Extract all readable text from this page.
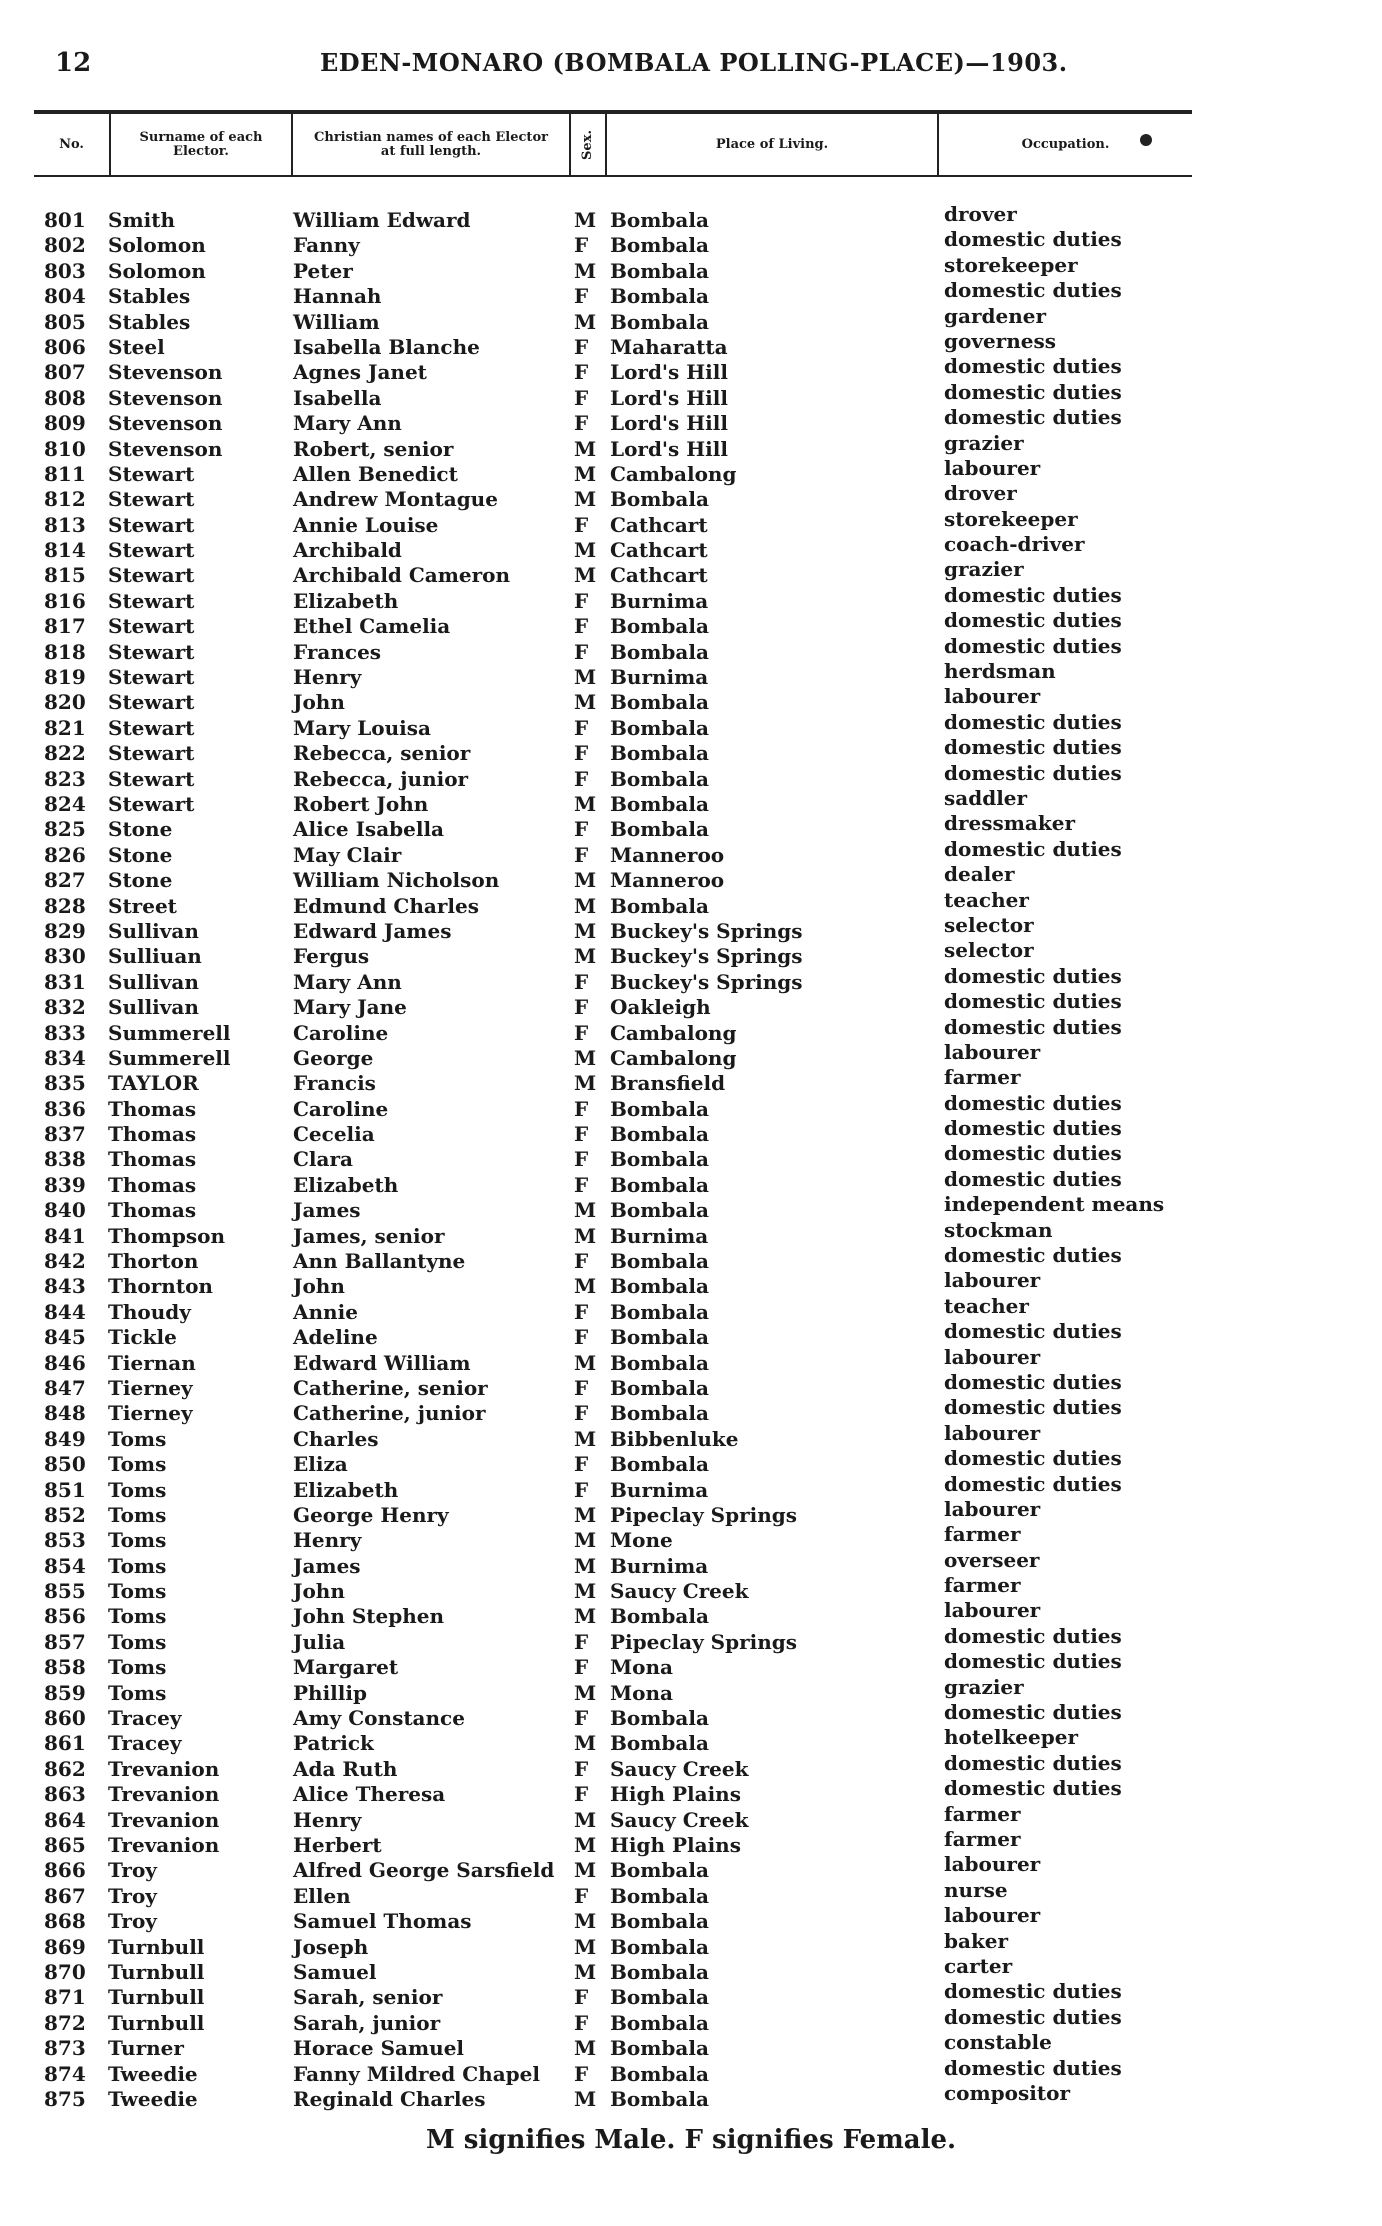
12	EDEN-MONARO (BOMBALA POLLING-PLACE)—1903.
No.	Surname of each Elector.
Christian names of each Elector at full length.	Sex.	Place of Living.	Occupation.
801	Smith	William Edward	M Bombala	drover
802	Solomon	Fanny	F Bombala	domestic duties
803	Solomon	Peter	M Bombala	storekeeper
804	Stables	Hannah	F Bombala	domestic duties
805	Stables	William	M Bombala	gardener
806	Steel	Isabella Blanche	F Maharatta	governess
807	Stevenson	Agnes Janet	F Lord's Hill	domestic duties
808	Stevenson	Isabella	F Lord's Hill	domestic duties
809	Stevenson	Mary Ann	F Lord's Hill	domestic duties
810	Stevenson	Robert, senior	M Lord's Hill	grazier
811	Stewart	Allen Benedict	M Cambalong	labourer
812	Stewart	Andrew Montague	M Bombala	drover
813	Stewart	Annie Louise	F Cathcart	storekeeper
814	Stewart	Archibald	M Cathcart	coach-driver
815	Stewart	Archibald Cameron	M Cathcart	grazier
816	Stewart	Elizabeth	F Burnima	domestic duties
817	Stewart	Ethel Camelia	F Bombala	domestic duties
818	Stewart	Frances	F Bombala	domestic duties
819	Stewart	Henry	M Burnima	herdsman
820	Stewart	John	M Bombala	labourer
821	Stewart	Mary Louisa	F Bombala	domestic duties
822	Stewart	Rebecca, senior	F Bombala	domestic duties
823	Stewart	Rebecca, junior	F Bombala	domestic duties
824	Stewart	Robert John	M Bombala	saddler
825	Stone	Alice Isabella	F Bombala	dressmaker
826	Stone	May Clair	F Manneroo	domestic duties
827	Stone	William Nicholson	M Manneroo	dealer
828	Street	Edmund Charles	M Bombala	teacher
829	Sullivan	Edward James	M Buckey's Springs	selector
830	Sulliuan	Fergus	M Buckey's Springs	selector
831	Sullivan	Mary Ann	F Buckey's Springs	domestic duties
832	Sullivan	Mary Jane	F Oakleigh	domestic duties
833	Summerell	Caroline	F Cambalong	domestic duties
834	Summerell	George	M Cambalong	labourer
835	TAYLOR	Francis	M Bransfield	farmer
836	Thomas	Caroline	F Bombala	domestic duties
837	Thomas	Cecelia	F Bombala	domestic duties
838	Thomas	Clara	F Bombala	domestic duties
839	Thomas	Elizabeth	F Bombala	domestic duties
840	Thomas	James	M Bombala	independent means
841	Thompson	James, senior	M Burnima	stockman
842	Thorton	Ann Ballantyne	F Bombala	domestic duties
843	Thornton	John	M Bombala	labourer
844	Thoudy	Annie	F Bombala	teacher
845	Tickle	Adeline	F Bombala	domestic duties
846	Tiernan	Edward William	M Bombala	labourer
847	Tierney	Catherine, senior	F Bombala	domestic duties
848	Tierney	Catherine, junior	F Bombala	domestic duties
849	Toms	Charles	M Bibbenluke	labourer
850	Toms	Eliza	F Bombala	domestic duties
851	Toms	Elizabeth	F Burnima	domestic duties
852	Toms	George Henry	M Pipeclay Springs	labourer
853	Toms	Henry	M Mone	farmer
854	Toms	James	M Burnima	overseer
855	Toms	John	M Saucy Creek	farmer
856	Toms	John Stephen	M Bombala	labourer
857	Toms	Julia	F Pipeclay Springs	domestic duties
858	Toms	Margaret	F Mona	domestic duties
859	Toms	Phillip	M Mona	grazier
860	Tracey	Amy Constance	F Bombala	domestic duties
861	Tracey	Patrick	M Bombala	hotelkeeper
862	Trevanion	Ada Ruth	F Saucy Creek	domestic duties
863	Trevanion	Alice Theresa	F High Plains	domestic duties
864	Trevanion	Henry	M Saucy Creek	farmer
865	Trevanion	Herbert	M High Plains	farmer
866	Troy	Alfred George Sarsfield M Bombala	labourer
867	Troy	Ellen	F Bombala	nurse
868	Troy	Samuel Thomas	M Bombala	labourer
869	Turnbull	Joseph	M Bombala	baker
870	Turnbull	Samuel	M Bombala	carter
871	Turnbull	Sarah, senior	F Bombala	domestic duties
872	Turnbull	Sarah, junior	F Bombala	domestic duties
873	Turner	Horace Samuel	M Bombala	constable
874	Tweedie	Fanny Mildred Chapel F Bombala	domestic duties
875	Tweedie	Reginald Charles	M Bombala	compositor
M signifies Male. F signifies Female.
